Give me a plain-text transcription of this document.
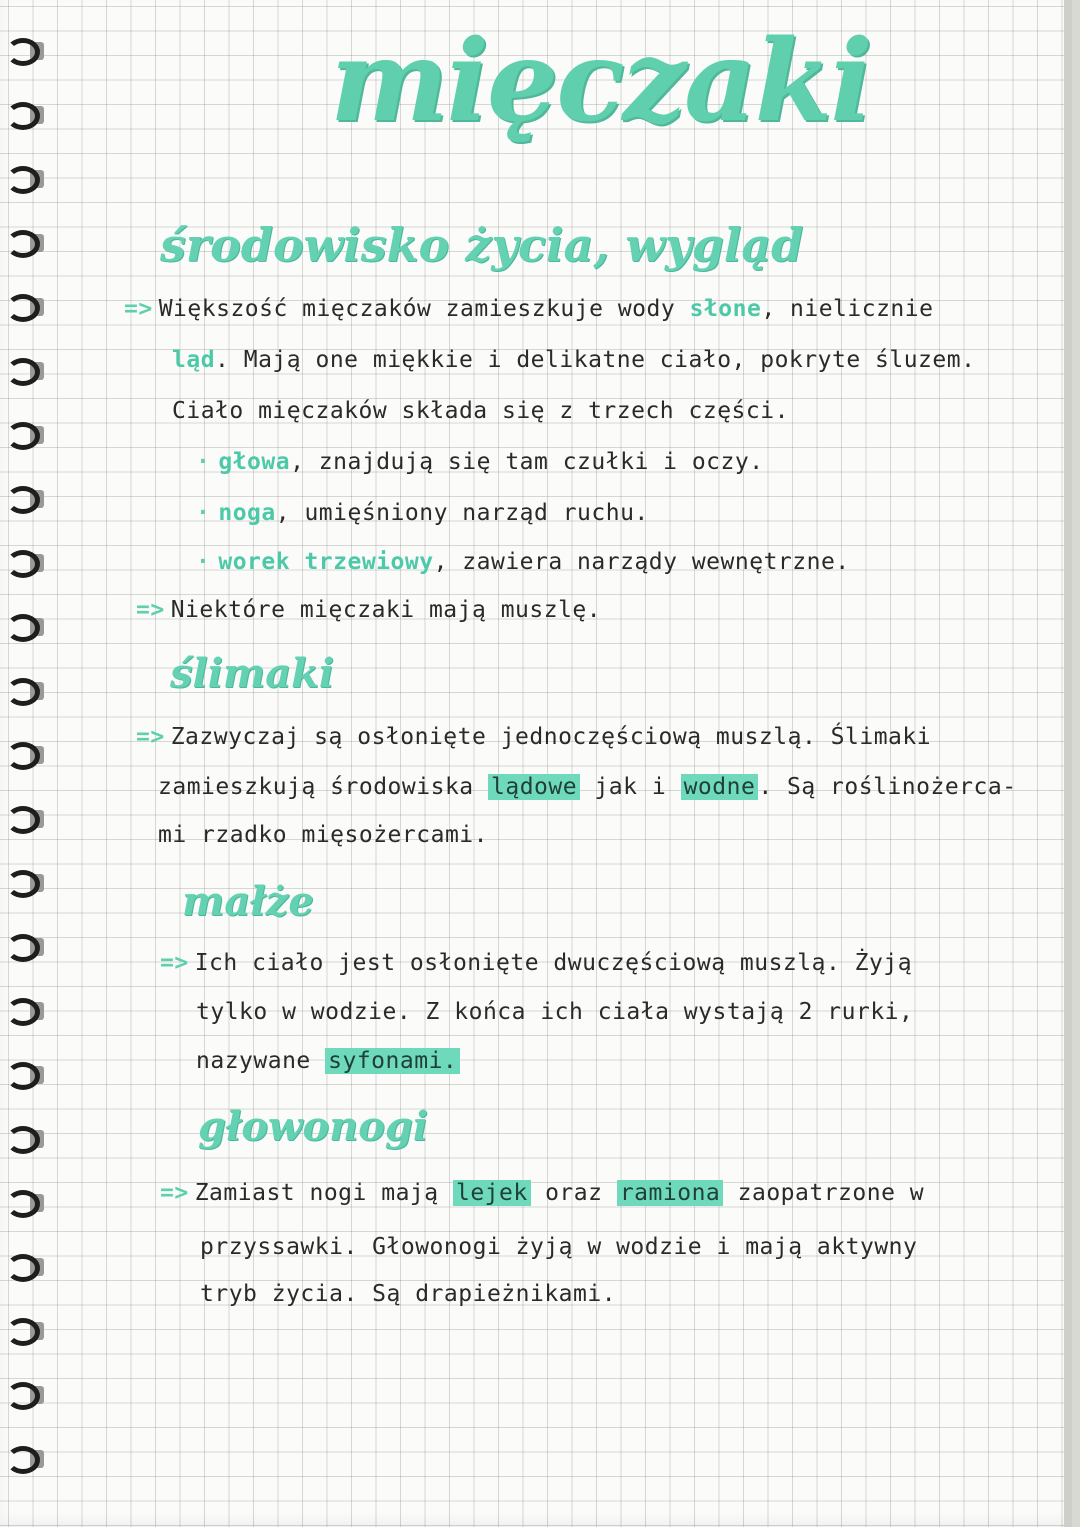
mięczaki
środowisko życia, wygląd
=> Większość mięczaków zamieszkuje wody słone, nielicznie
ląd. Mają one miękkie i delikatne ciało, pokryte śluzem.
Ciało mięczaków składa się z trzech części.
· głowa, znajdują się tam czułki i oczy.
· noga, umięśniony narząd ruchu.
· worek trzewiowy, zawiera narządy wewnętrzne.
=> Niektóre mięczaki mają muszlę.
ślimaki
=> Zazwyczaj są osłonięte jednoczęściową muszlą. Ślimaki
zamieszkują środowiska lądowe jak i wodne . Są roślinożerca-
mi rzadko mięsożercami.
małże
=> Ich ciało jest osłonięte dwuczęściową muszlą. Żyją
tylko w wodzie. Z końca ich ciała wystają 2 rurki,
nazywane syfonami.
głowonogi
=> Zamiast nogi mają lejek oraz ramiona zaopatrzone w
przyssawki. Głowonogi żyją w wodzie i mają aktywny
tryb życia. Są drapieżnikami.
